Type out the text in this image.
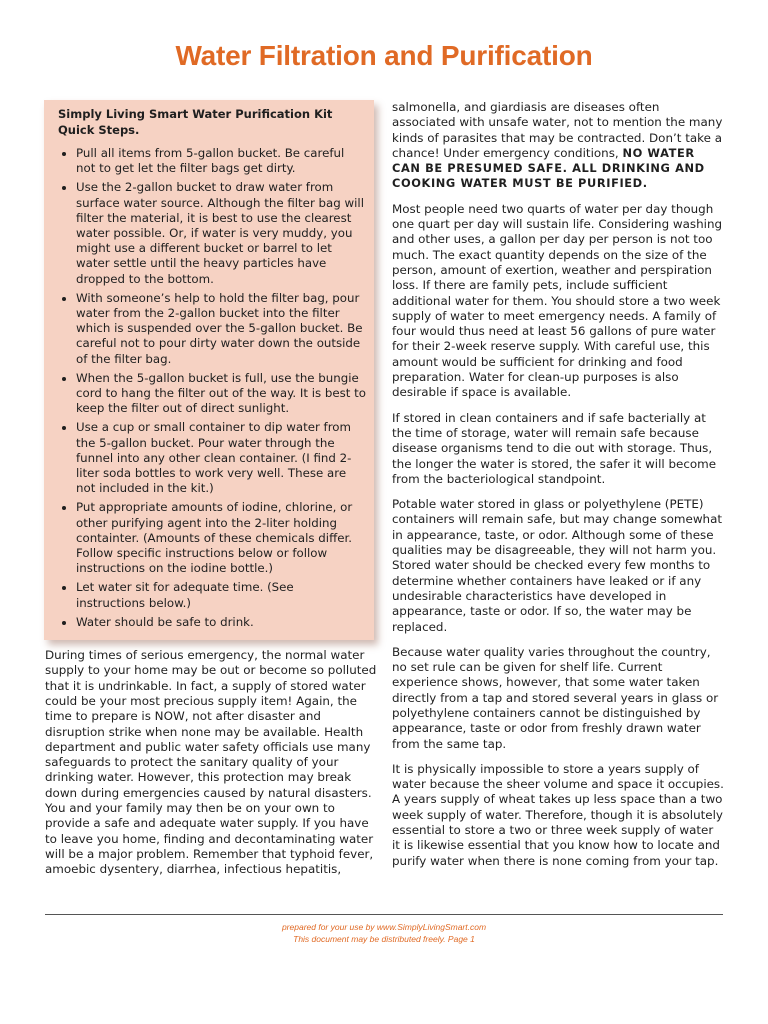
Water Filtration and Purification
Simply Living Smart Water Purification Kit Quick Steps.
• Pull all items from 5-gallon bucket. Be careful not to get let the filter bags get dirty.
• Use the 2-gallon bucket to draw water from surface water source. Although the filter bag will filter the material, it is best to use the clearest water possible. Or, if water is very muddy, you might use a different bucket or barrel to let water settle until the heavy particles have dropped to the bottom.
• With someone’s help to hold the filter bag, pour water from the 2-gallon bucket into the filter which is suspended over the 5-gallon bucket. Be careful not to pour dirty water down the outside of the filter bag.
• When the 5-gallon bucket is full, use the bungie cord to hang the filter out of the way. It is best to keep the filter out of direct sunlight.
• Use a cup or small container to dip water from the 5-gallon bucket. Pour water through the funnel into any other clean container. (I find 2-liter soda bottles to work very well. These are not included in the kit.)
• Put appropriate amounts of iodine, chlorine, or other purifying agent into the 2-liter holding containter. (Amounts of these chemicals differ. Follow specific instructions below or follow instructions on the iodine bottle.)
• Let water sit for adequate time. (See instructions below.)
• Water should be safe to drink.

During times of serious emergency, the normal water supply to your home may be out or become so polluted that it is undrinkable. In fact, a supply of stored water could be your most precious supply item! Again, the time to prepare is NOW, not after disaster and disruption strike when none may be available. Health department and public water safety officials use many safeguards to protect the sanitary quality of your drinking water. However, this protection may break down during emergencies caused by natural disasters. You and your family may then be on your own to provide a safe and adequate water supply. If you have to leave you home, finding and decontaminating water will be a major problem. Remember that typhoid fever, amoebic dysentery, diarrhea, infectious hepatitis,

salmonella, and giardiasis are diseases often associated with unsafe water, not to mention the many kinds of parasites that may be contracted. Don’t take a chance! Under emergency conditions, NO WATER CAN BE PRESUMED SAFE. ALL DRINKING AND COOKING WATER MUST BE PURIFIED.

Most people need two quarts of water per day though one quart per day will sustain life. Considering washing and other uses, a gallon per day per person is not too much. The exact quantity depends on the size of the person, amount of exertion, weather and perspiration loss. If there are family pets, include sufficient additional water for them. You should store a two week supply of water to meet emergency needs. A family of four would thus need at least 56 gallons of pure water for their 2-week reserve supply. With careful use, this amount would be sufficient for drinking and food preparation. Water for clean-up purposes is also desirable if space is available.

If stored in clean containers and if safe bacterially at the time of storage, water will remain safe because disease organisms tend to die out with storage. Thus, the longer the water is stored, the safer it will become from the bacteriological standpoint.

Potable water stored in glass or polyethylene (PETE) containers will remain safe, but may change somewhat in appearance, taste, or odor. Although some of these qualities may be disagreeable, they will not harm you. Stored water should be checked every few months to determine whether containers have leaked or if any undesirable characteristics have developed in appearance, taste or odor. If so, the water may be replaced.

Because water quality varies throughout the country, no set rule can be given for shelf life. Current experience shows, however, that some water taken directly from a tap and stored several years in glass or polyethylene containers cannot be distinguished by appearance, taste or odor from freshly drawn water from the same tap.

It is physically impossible to store a years supply of water because the sheer volume and space it occupies. A years supply of wheat takes up less space than a two week supply of water. Therefore, though it is absolutely essential to store a two or three week supply of water it is likewise essential that you know how to locate and purify water when there is none coming from your tap.

prepared for your use by www.SimplyLivingSmart.com
This document may be distributed freely. Page 1
